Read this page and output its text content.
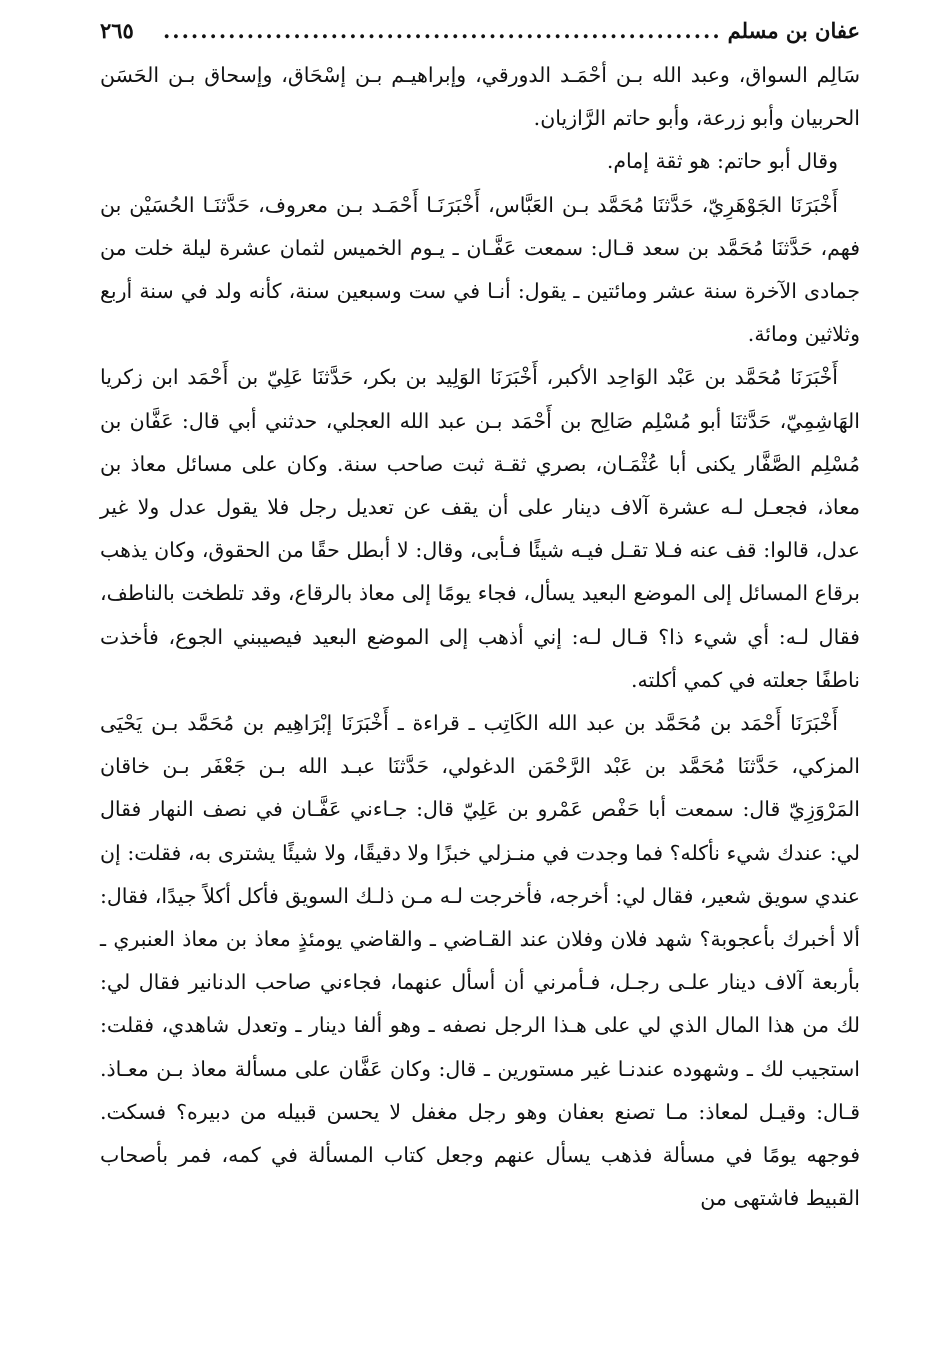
عفان بن مسلم
............................................................
٢٦٥

سَالِم السواق، وعبد الله بـن أحْمَـد الدورقي، وإبراهيـم بـن إسْحَاق، وإسحاق بـن الحَسَن الحربيان وأبو زرعة، وأبو حاتم الرَّازيان.

وقال أبو حاتم: هو ثقة إمام.

أَخْبَرَنَا الجَوْهَرِيّ، حَدَّثنَا مُحَمَّد بـن العَبَّاس، أَخْبَرَنَـا أَحْمَـد بـن معروف، حَدَّثنَـا الحُسَيْن بن فهم، حَدَّثنَا مُحَمَّد بن سعد قـال: سمعت عَفَّـان ـ يـوم الخميس لثمان عشرة ليلة خلت من جمادى الآخرة سنة عشر ومائتين ـ يقول: أنـا في ست وسبعين سنة، كأنه ولد في سنة أربع وثلاثين ومائة.

أَخْبَرَنَا مُحَمَّد بن عَبْد الوَاحِد الأكبر، أَخْبَرَنَا الوَلِيد بن بكر، حَدَّثنَا عَلِيّ بن أَحْمَد ابن زكريا الهَاشِمِيّ، حَدَّثنَا أبو مُسْلِم صَالِح بن أَحْمَد بـن عبد الله العجلي، حدثني أبي قال: عَفَّان بن مُسْلِم الصَّفَّار يكنى أبا عُثْمَـان، بصري ثقـة ثبت صاحب سنة. وكان على مسائل معاذ بن معاذ، فجعـل لـه عشرة آلاف دينار على أن يقف عن تعديل رجل فلا يقول عدل ولا غير عدل، قالوا: قف عنه فـلا تقـل فيـه شيئًا فـأبى، وقال: لا أبطل حقًا من الحقوق، وكان يذهب برقاع المسائل إلى الموضع البعيد يسأل، فجاء يومًا إلى معاذ بالرقاع، وقد تلطخت بالناطف، فقال لـه: أي شيء ذا؟ قـال لـه: إني أذهب إلى الموضع البعيد فيصيبني الجوع، فأخذت ناطفًا جعلته في كمي أكلته.

أَخْبَرَنَا أَحْمَد بن مُحَمَّد بن عبد الله الكَاتِب ـ قراءة ـ أَخْبَرَنَا إبْرَاهِيم بن مُحَمَّد بـن يَحْيَى المزكي، حَدَّثنَا مُحَمَّد بن عَبْد الرَّحْمَن الدغولي، حَدَّثنَا عبـد الله بـن جَعْفَر بـن خاقان المَرْوَزِيّ قال: سمعت أبا حَفْص عَمْرو بن عَلِيّ قال: جـاءني عَفَّـان في نصف النهار فقال لي: عندك شيء نأكله؟ فما وجدت في منـزلي خبزًا ولا دقيقًا، ولا شيئًا يشترى به، فقلت: إن عندي سويق شعير، فقال لي: أخرجه، فأخرجت لـه مـن ذلـك السويق فأكل أكلاً جيدًا، فقال: ألا أخبرك بأعجوبة؟ شهد فلان وفلان عند القـاضي ـ والقاضي يومئذٍ معاذ بن معاذ العنبري ـ بأربعة آلاف دينار علـى رجـل، فـأمرني أن أسأل عنهما، فجاءني صاحب الدنانير فقال لي: لك من هذا المال الذي لي على هـذا الرجل نصفه ـ وهو ألفا دينار ـ وتعدل شاهدي، فقلت: استجيب لك ـ وشهوده عندنـا غير مستورين ـ قال: وكان عَفَّان على مسألة معاذ بـن معـاذ. قـال: وقيـل لمعاذ: مـا تصنع بعفان وهو رجل مغفل لا يحسن قبيله من دبيره؟ فسكت. فوجهه يومًا في مسألة فذهب يسأل عنهم وجعل كتاب المسألة في كمه، فمر بأصحاب القبيط فاشتهى من
